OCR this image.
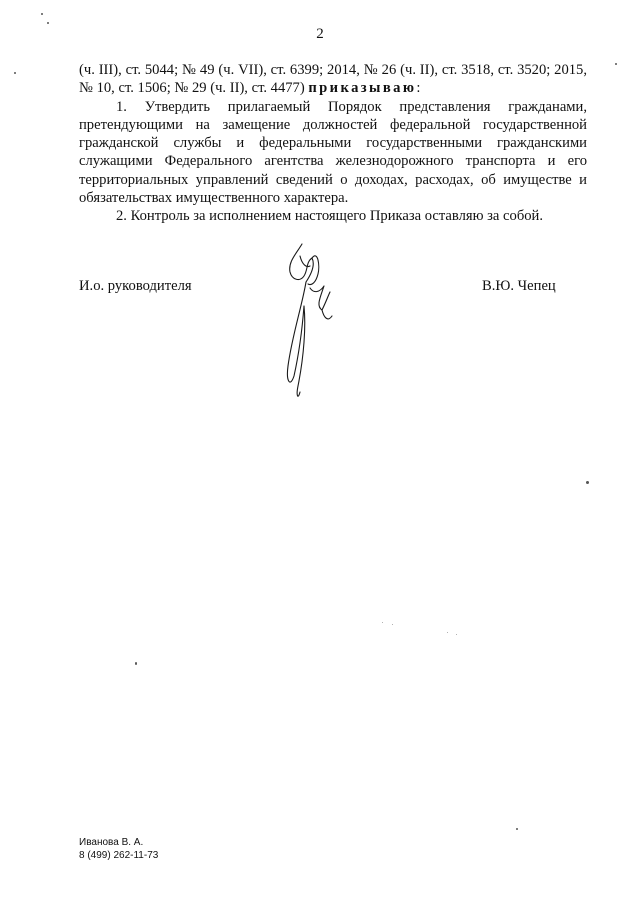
2

(ч. III), ст. 5044; № 49 (ч. VII), ст. 6399; 2014, № 26 (ч. II), ст. 3518, ст. 3520; 2015, № 10, ст. 1506; № 29 (ч. II), ст. 4477) приказываю:

1. Утвердить прилагаемый Порядок представления гражданами, претендующими на замещение должностей федеральной государственной гражданской службы и федеральными государственными гражданскими служащими Федерального агентства железнодорожного транспорта и его территориальных управлений сведений о доходах, расходах, об имуществе и обязательствах имущественного характера.

2. Контроль за исполнением настоящего Приказа оставляю за собой.

И.о. руководителя	В.Ю. Чепец
Иванова В. А.
8 (499) 262-11-73
